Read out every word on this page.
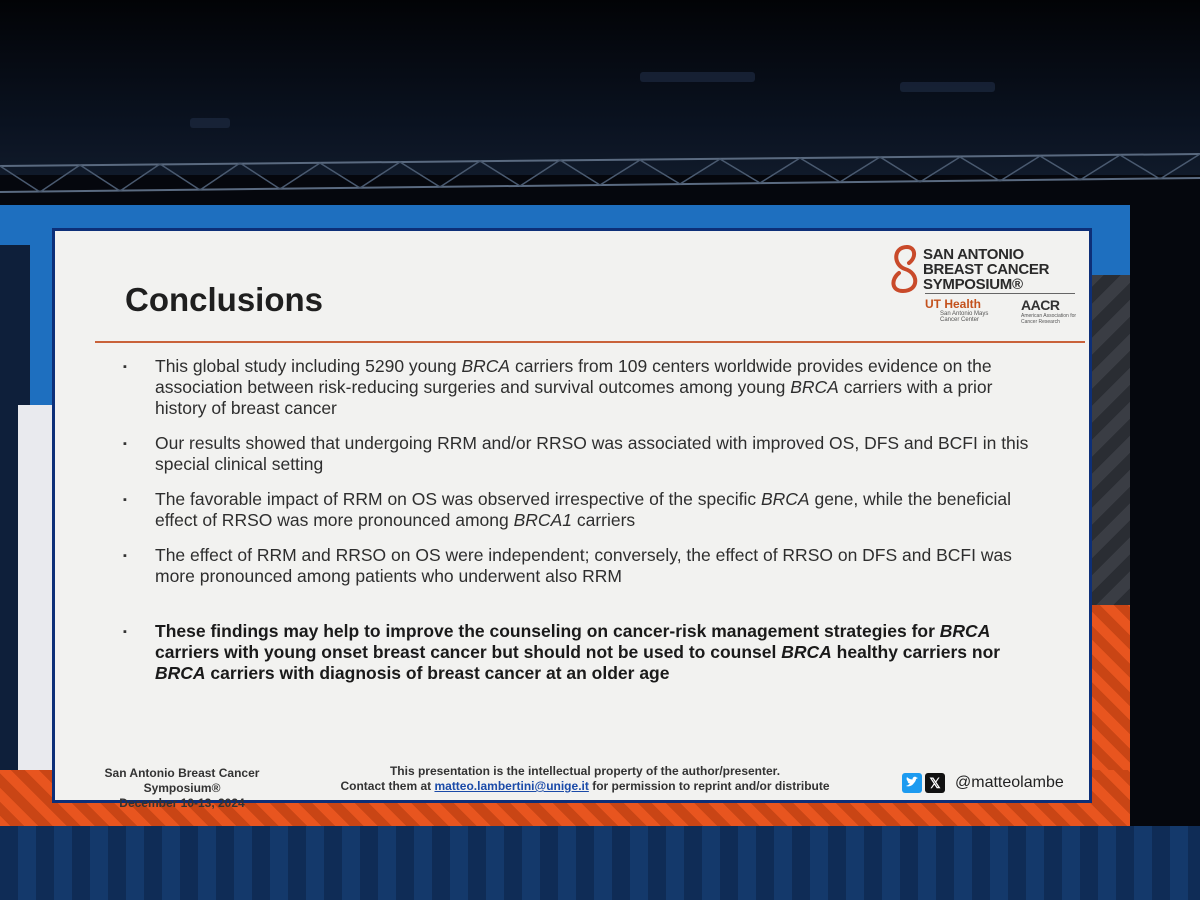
Conclusions
SAN ANTONIO
BREAST CANCER
SYMPOSIUM®
UT Health
San Antonio Mays Cancer Center
AACR
American Association for Cancer Research
▪ This global study including 5290 young BRCA carriers from 109 centers worldwide provides evidence on the association between risk-reducing surgeries and survival outcomes among young BRCA carriers with a prior history of breast cancer
▪ Our results showed that undergoing RRM and/or RRSO was associated with improved OS, DFS and BCFI in this special clinical setting
▪ The favorable impact of RRM on OS was observed irrespective of the specific BRCA gene, while the beneficial effect of RRSO was more pronounced among BRCA1 carriers
▪ The effect of RRM and RRSO on OS were independent; conversely, the effect of RRSO on DFS and BCFI was more pronounced among patients who underwent also RRM
▪ These findings may help to improve the counseling on cancer-risk management strategies for BRCA carriers with young onset breast cancer but should not be used to counsel BRCA healthy carriers nor BRCA carriers with diagnosis of breast cancer at an older age
San Antonio Breast Cancer Symposium®
December 10-13, 2024
This presentation is the intellectual property of the author/presenter.
Contact them at matteo.lambertini@unige.it for permission to reprint and/or distribute	𝕏 @matteolambe
